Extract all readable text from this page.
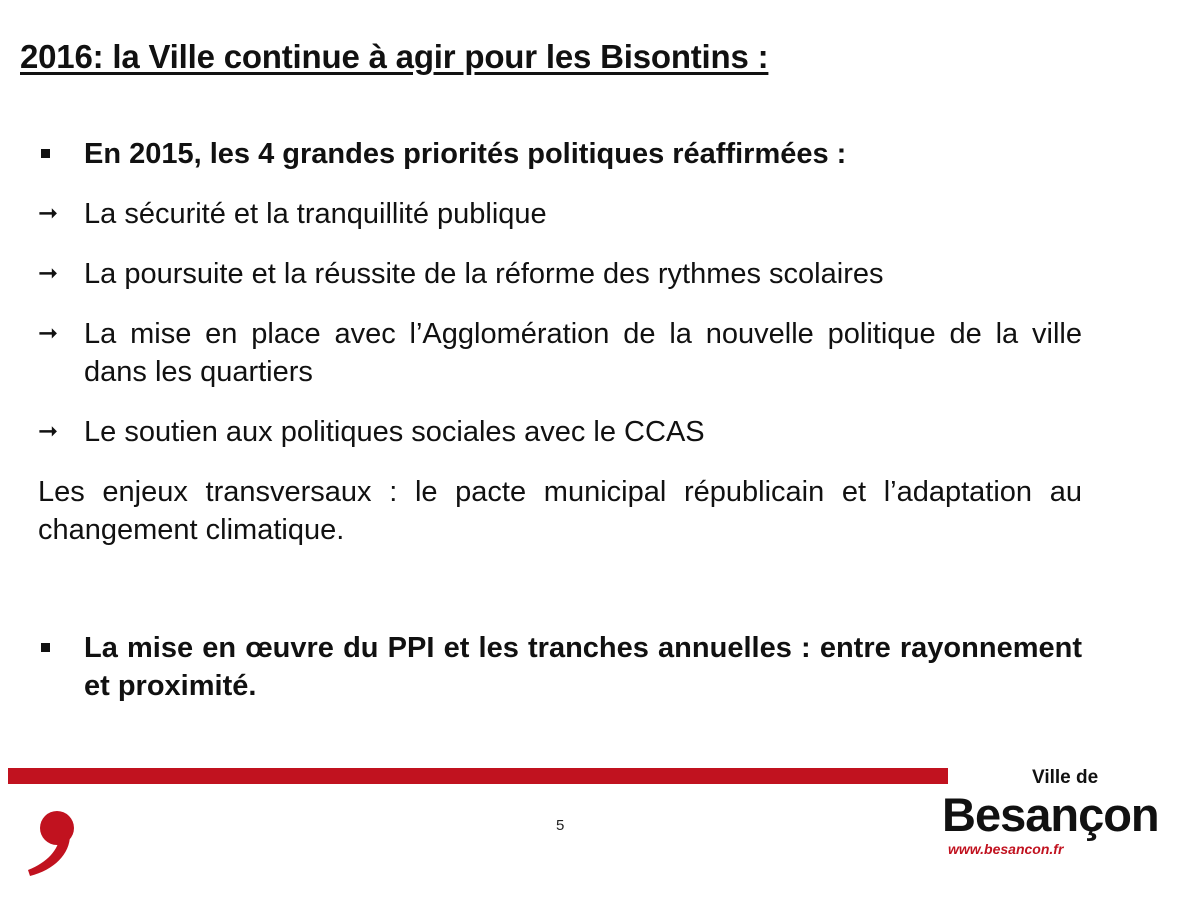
2016: la Ville continue à agir pour les Bisontins :
En 2015, les 4 grandes priorités politiques réaffirmées :
➞ La sécurité et la tranquillité publique
➞ La poursuite et la réussite de la réforme des rythmes scolaires
➞ La mise en place avec l’Agglomération de la nouvelle politique de la ville dans les quartiers
➞ Le soutien aux politiques sociales avec le CCAS
Les enjeux transversaux : le pacte municipal républicain et l’adaptation au changement climatique.
La mise en œuvre du PPI et les tranches annuelles : entre rayonnement et proximité.
5
Ville de
Besançon
www.besancon.fr
